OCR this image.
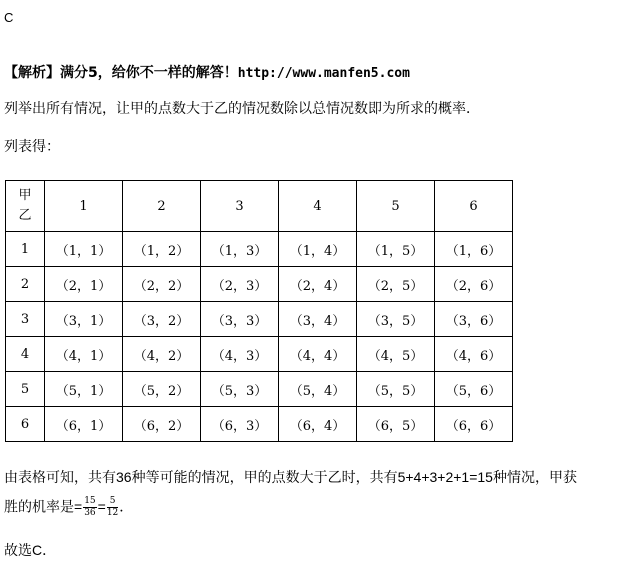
C
【解析】满分5，给你不一样的解答！http://www.manfen5.com
列举出所有情况，让甲的点数大于乙的情况数除以总情况数即为所求的概率．
列表得：
甲
乙	1	2	3	4	5	6
1	（1，1）	（1，2）	（1，3）	（1，4）	（1，5）	（1，6）
2	（2，1）	（2，2）	（2，3）	（2，4）	（2，5）	（2，6）
3	（3，1）	（3，2）	（3，3）	（3，4）	（3，5）	（3，6）
4	（4，1）	（4，2）	（4，3）	（4，4）	（4，5）	（4，6）
5	（5，1）	（5，2）	（5，3）	（5，4）	（5，5）	（5，6）
6	（6，1）	（6，2）	（6，3）	（6，4）	（6，5）	（6，6）
由表格可知，共有36种等可能的情况，甲的点数大于乙时，共有5+4+3+2+1=15种情况，甲获
胜的机率是= $\frac{15}{36} = \frac{5}{12}$ ．
故选C．
